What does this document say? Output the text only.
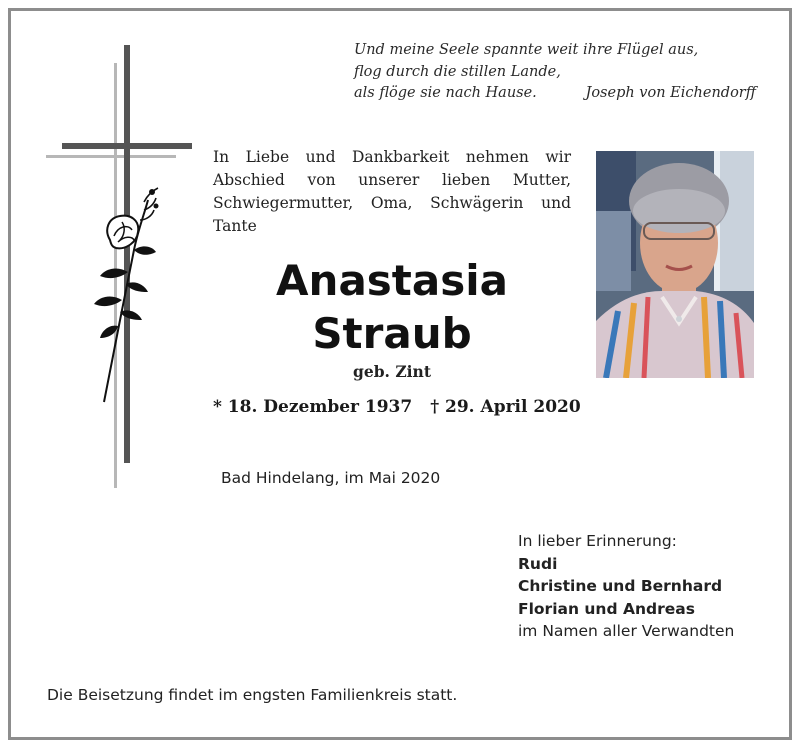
Und meine Seele spannte weit ihre Flügel aus,
flog durch die stillen Lande,
als flöge sie nach Hause.	Joseph von Eichendorff
In Liebe und Dankbarkeit nehmen wir
Abschied von unserer lieben Mutter,
Schwiegermutter, Oma, Schwägerin und
Tante
Anastasia
Straub
geb. Zint
* 18. Dezember 1937 † 29. April 2020
Bad Hindelang, im Mai 2020
In lieber Erinnerung:
Rudi
Christine und Bernhard
Florian und Andreas
im Namen aller Verwandten
Die Beisetzung findet im engsten Familienkreis statt.
